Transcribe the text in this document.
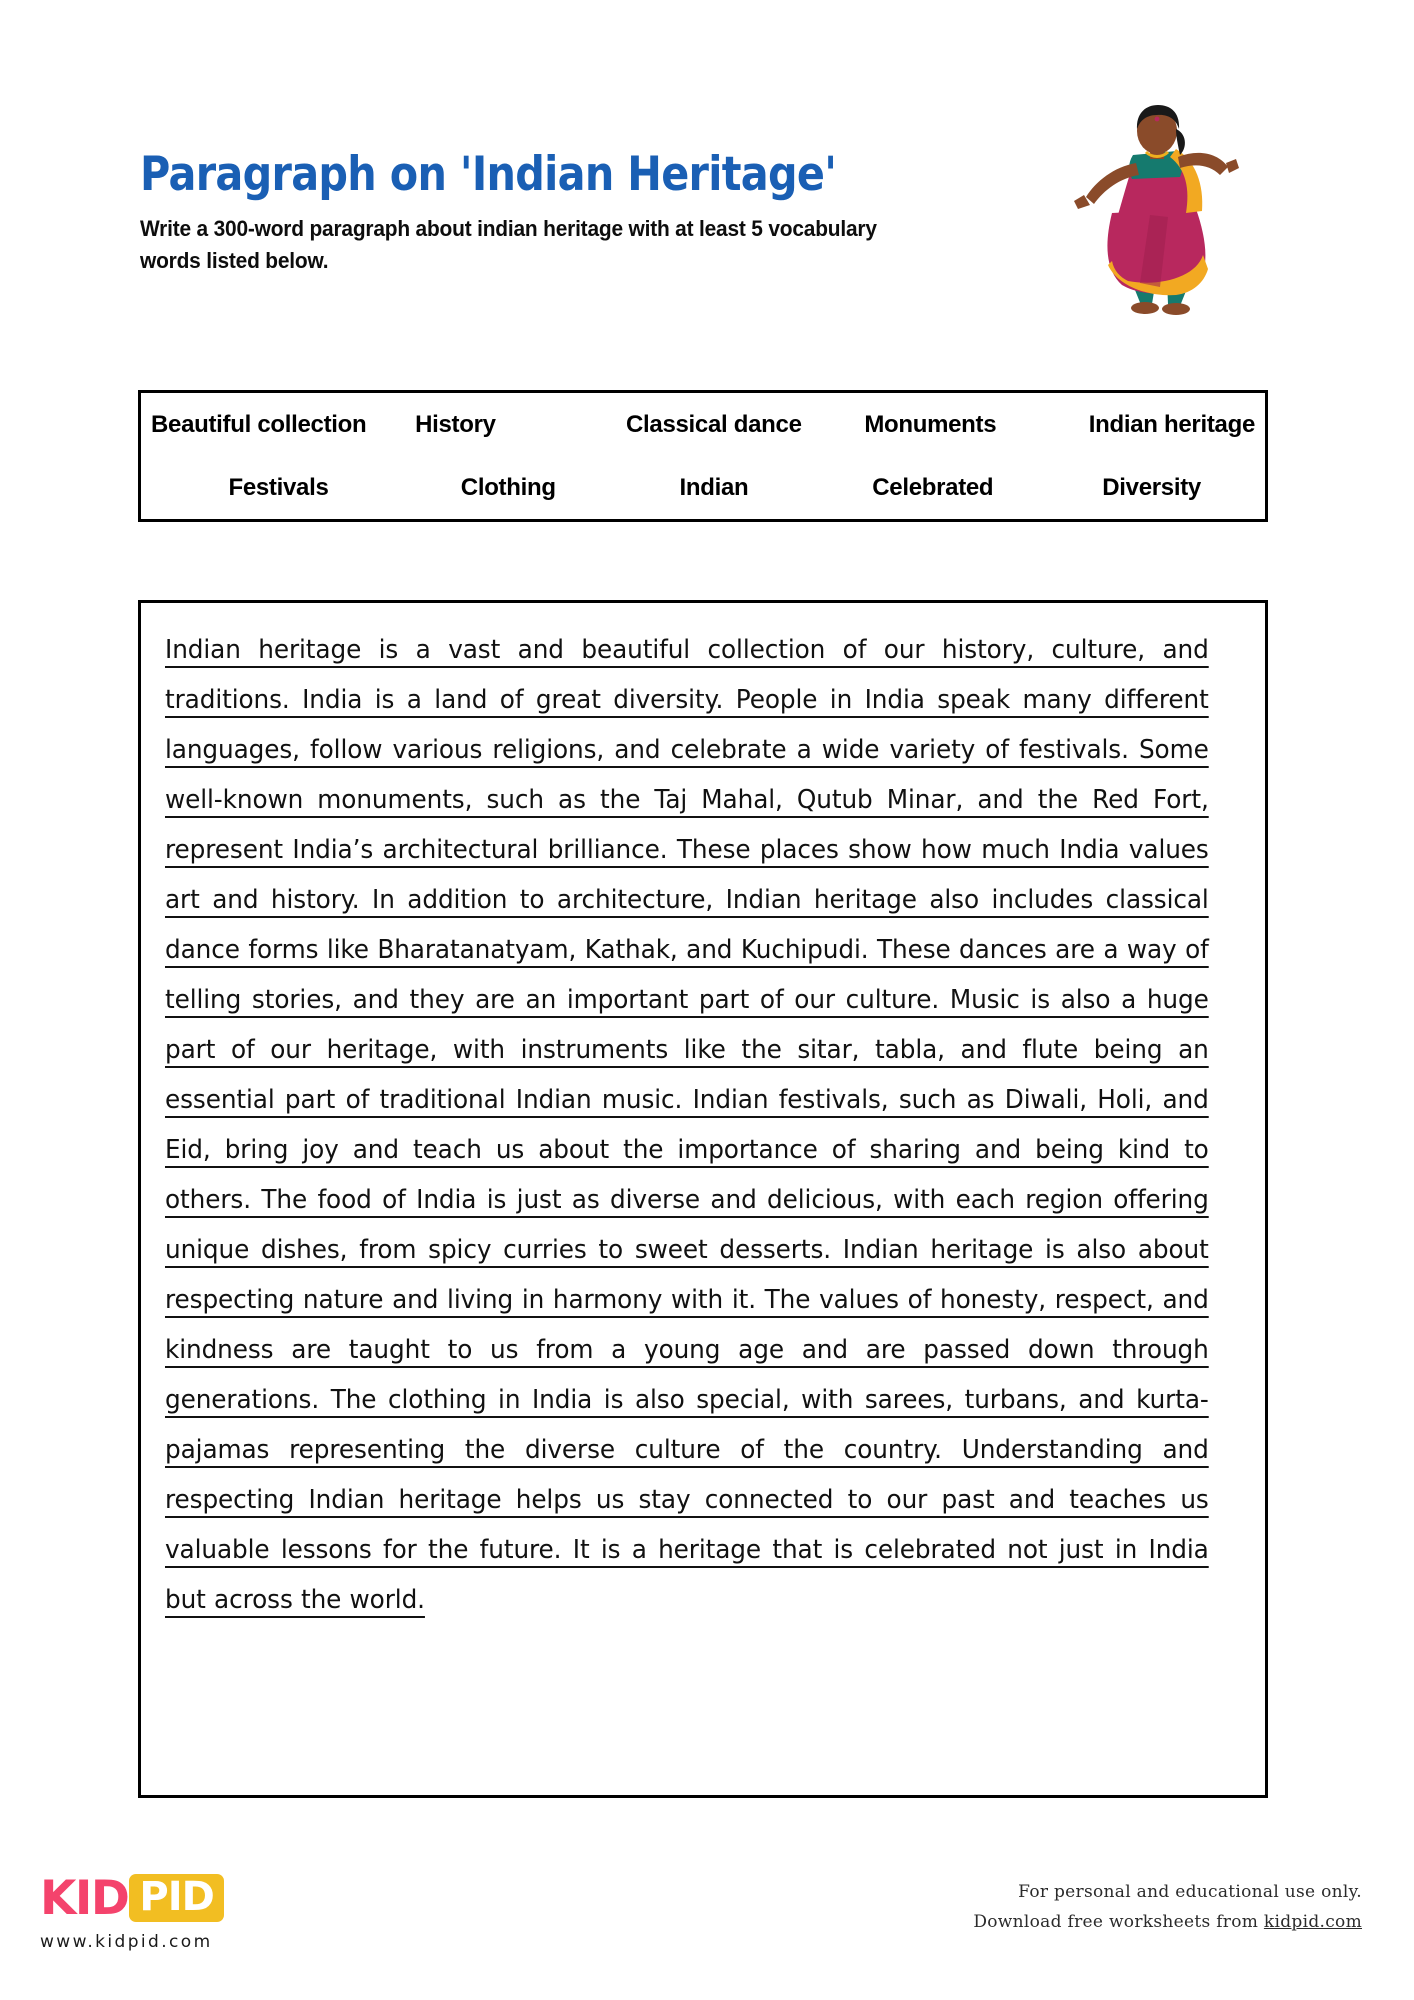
Paragraph on 'Indian Heritage'

Write a 300-word paragraph about indian heritage with at least 5 vocabulary words listed below.

Beautiful collection	History	Classical dance	Monuments	Indian heritage
Festivals	Clothing	Indian	Celebrated	Diversity
Indian heritage is a vast and beautiful collection of our history, culture, and traditions. India is a land of great diversity. People in India speak many different languages, follow various religions, and celebrate a wide variety of festivals. Some well-known monuments, such as the Taj Mahal, Qutub Minar, and the Red Fort, represent India’s architectural brilliance. These places show how much India values art and history. In addition to architecture, Indian heritage also includes classical dance forms like Bharatanatyam, Kathak, and Kuchipudi. These dances are a way of telling stories, and they are an important part of our culture. Music is also a huge part of our heritage, with instruments like the sitar, tabla, and flute being an essential part of traditional Indian music. Indian festivals, such as Diwali, Holi, and Eid, bring joy and teach us about the importance of sharing and being kind to others. The food of India is just as diverse and delicious, with each region offering unique dishes, from spicy curries to sweet desserts. Indian heritage is also about respecting nature and living in harmony with it. The values of honesty, respect, and kindness are taught to us from a young age and are passed down through generations. The clothing in India is also special, with sarees, turbans, and kurta-pajamas representing the diverse culture of the country. Understanding and respecting Indian heritage helps us stay connected to our past and teaches us valuable lessons for the future. It is a heritage that is celebrated not just in India but across the world.
KID PID
www.kidpid.com
For personal and educational use only.
Download free worksheets from kidpid.com
